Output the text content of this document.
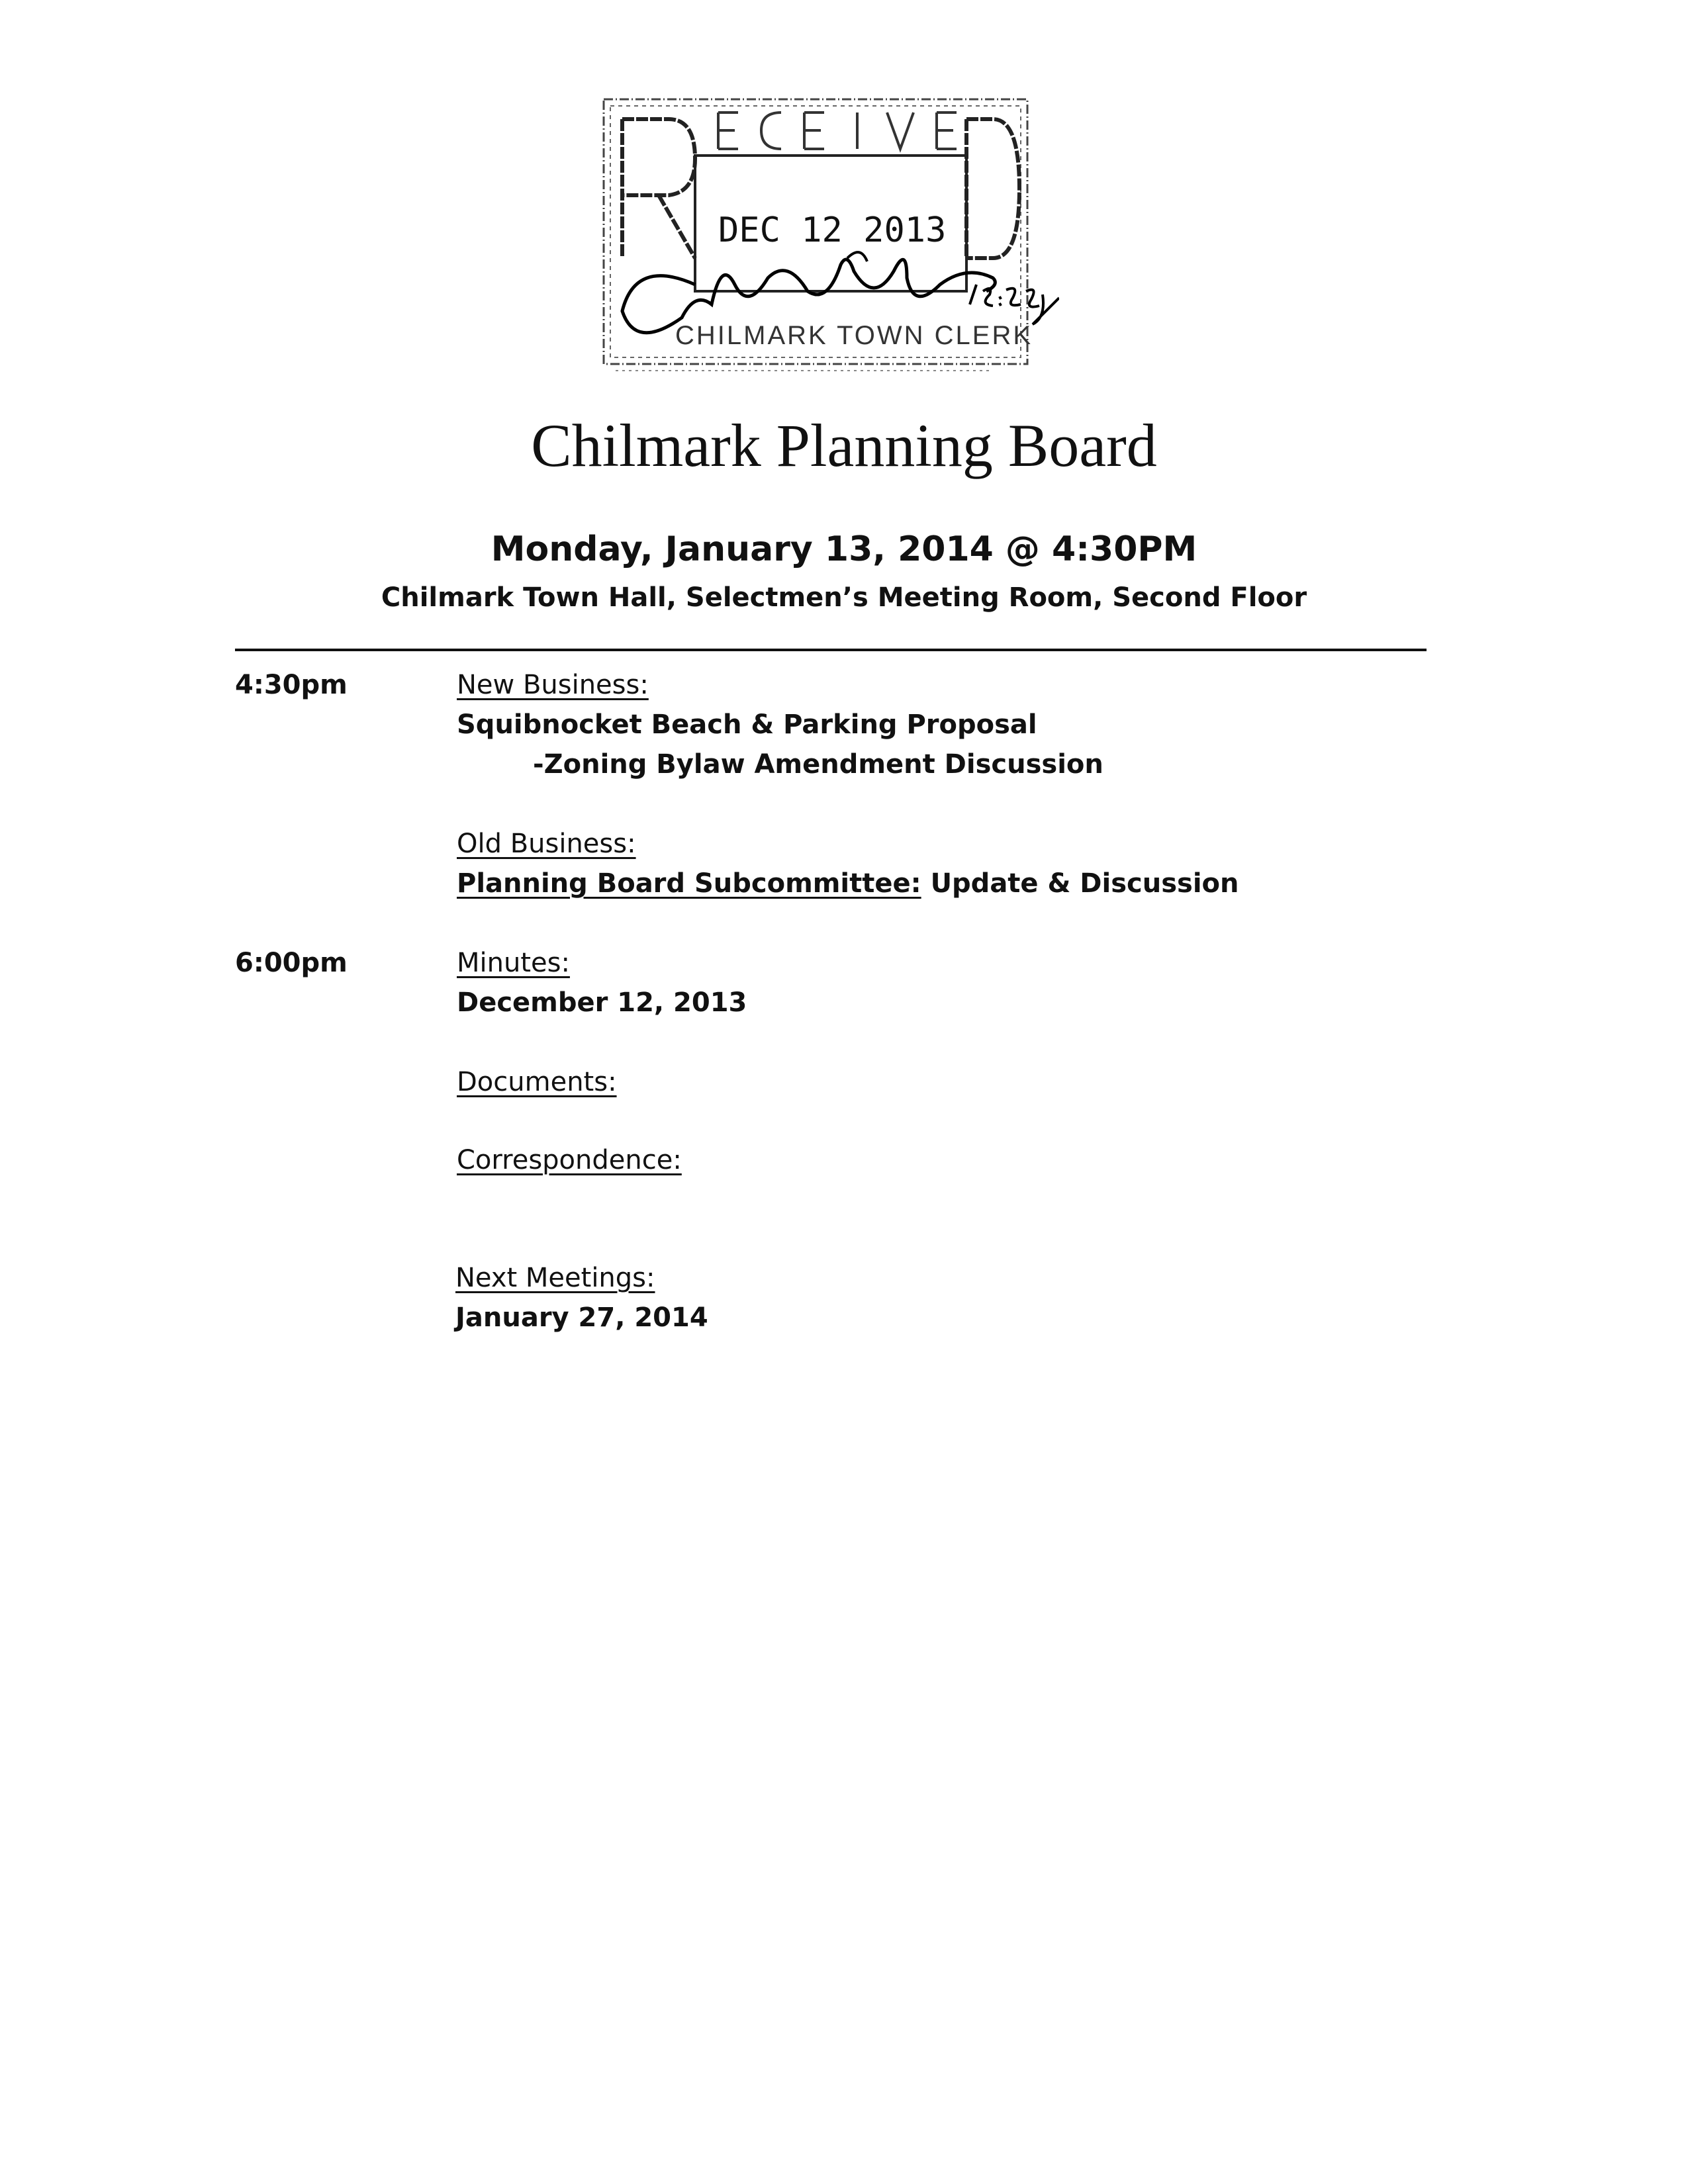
DEC 12 2013
CHILMARK TOWN CLERK
Chilmark Planning Board

Monday, January 13, 2014 @ 4:30PM

Chilmark Town Hall, Selectmen’s Meeting Room, Second Floor

4:30pm	New Business:
Squibnocket Beach & Parking Proposal
-Zoning Bylaw Amendment Discussion
Old Business:
Planning Board Subcommittee: Update & Discussion
6:00pm	Minutes:
December 12, 2013
Documents:
Correspondence:
Next Meetings:
January 27, 2014
